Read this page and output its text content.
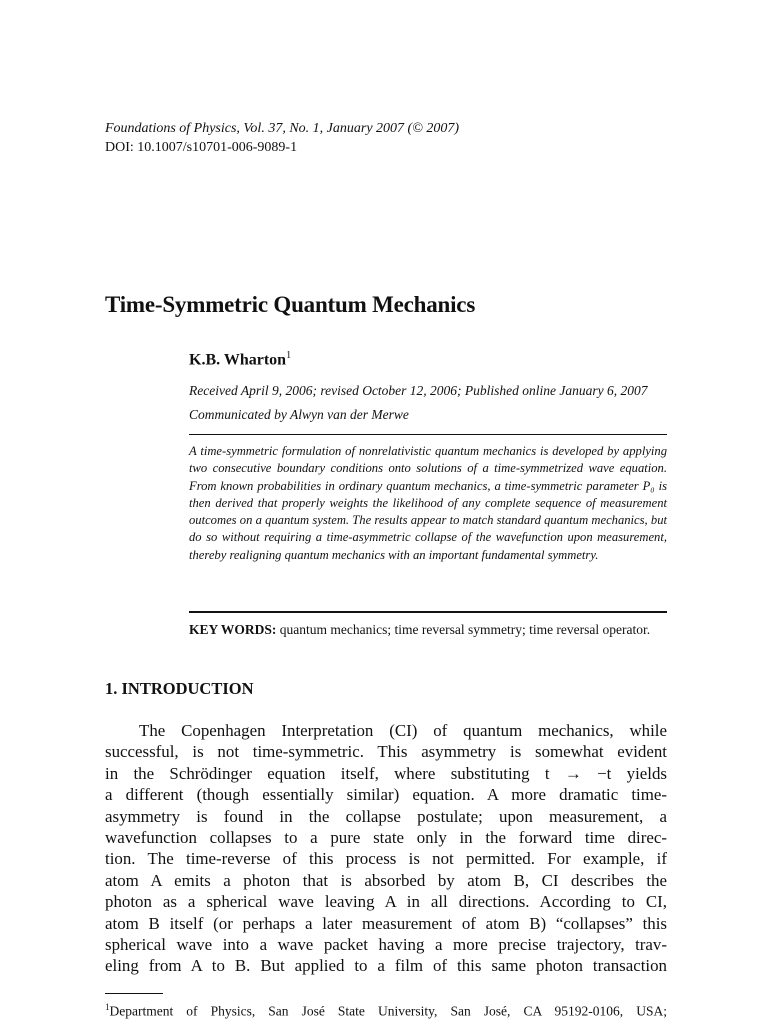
Foundations of Physics, Vol. 37, No. 1, January 2007 (© 2007)
DOI: 10.1007/s10701-006-9089-1
Time-Symmetric Quantum Mechanics
K.B. Wharton$^1$
Received April 9, 2006; revised October 12, 2006; Published online January 6, 2007
Communicated by Alwyn van der Merwe
A time-symmetric formulation of nonrelativistic quantum mechanics is developed by applying two consecutive boundary conditions onto solutions of a time-symmetrized wave equation. From known probabilities in ordinary quantum mechanics, a time-symmetric parameter P₀ is then derived that properly weights the likelihood of any complete sequence of measurement outcomes on a quantum system. The results appear to match standard quantum mechanics, but do so without requiring a time-asymmetric collapse of the wavefunction upon measurement, thereby realigning quantum mechanics with an important fundamental symmetry.
KEY WORDS: quantum mechanics; time reversal symmetry; time reversal operator.
1. INTRODUCTION
The Copenhagen Interpretation (CI) of quantum mechanics, while
successful, is not time-symmetric. This asymmetry is somewhat evident
in the Schrödinger equation itself, where substituting t → −t yields
a different (though essentially similar) equation. A more dramatic time-
asymmetry is found in the collapse postulate; upon measurement, a
wavefunction collapses to a pure state only in the forward time direc-
tion. The time-reverse of this process is not permitted. For example, if
atom A emits a photon that is absorbed by atom B, CI describes the
photon as a spherical wave leaving A in all directions. According to CI,
atom B itself (or perhaps a later measurement of atom B) “collapses” this
spherical wave into a wave packet having a more precise trajectory, trav-
eling from A to B. But applied to a film of this same photon transaction
$^1$Department of Physics, San José State University, San José, CA 95192-0106, USA;
